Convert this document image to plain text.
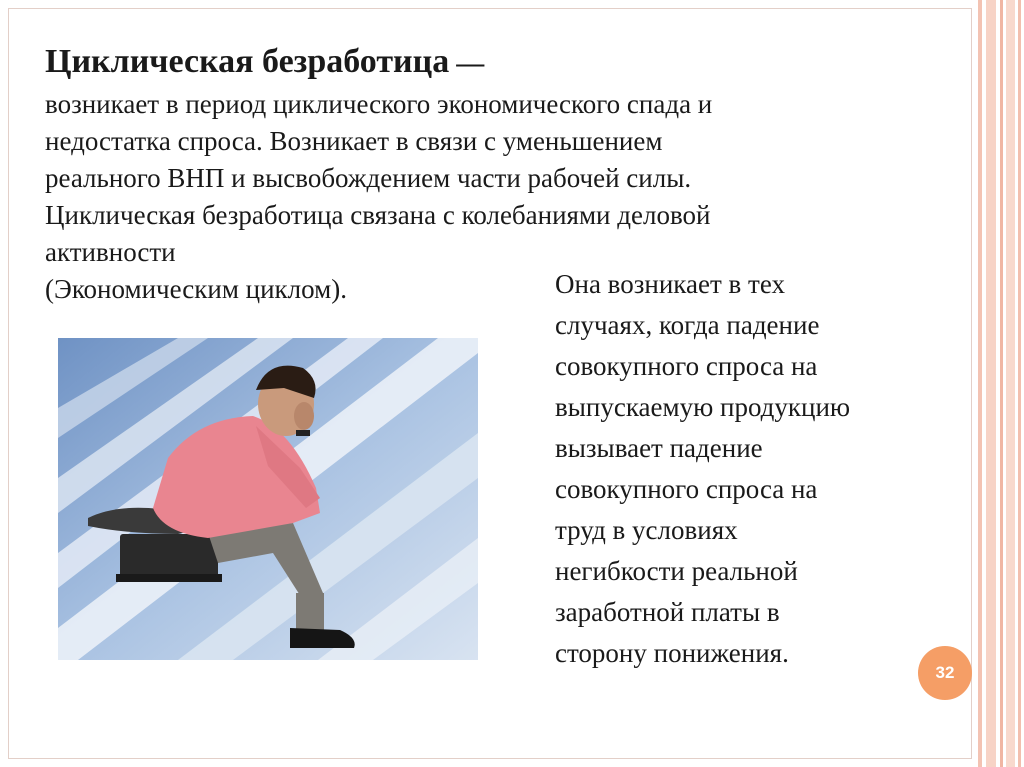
Циклическая безработица —

возникает в период циклического экономического спада и

недостатка спроса. Возникает в связи с уменьшением

реального ВНП и высвобождением части рабочей силы.

Циклическая безработица связана с колебаниями деловой

активности

(Экономическим циклом).	Она возникает в тех
случаях, когда падение
совокупного спроса на
выпускаемую продукцию
вызывает падение
совокупного спроса на
труд в условиях
негибкости реальной
заработной платы в
сторону понижения.
32
